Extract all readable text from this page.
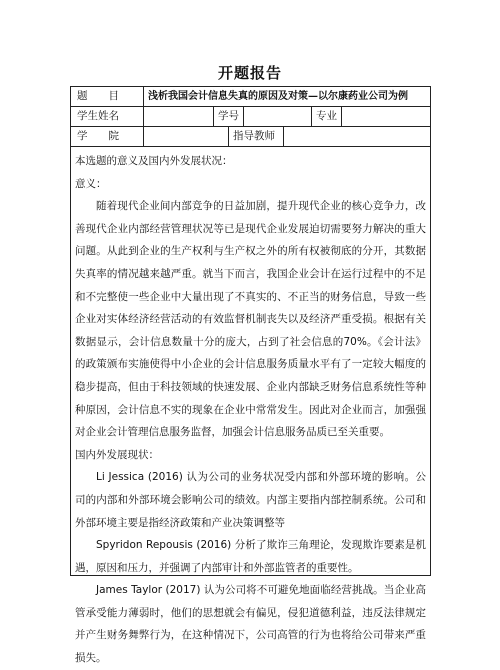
开题报告
题　　目	浅析我国会计信息失真的原因及对策—以尔康药业公司为例
学生姓名	学号	专业
学　　院	指导教师

本选题的意义及国内外发展状况：

意义：

随着现代企业间内部竞争的日益加剧，提升现代企业的核心竞争力，改善现代企业内部经营管理状况等已是现代企业发展迫切需要努力解决的重大问题。从此到企业的生产权利与生产权之外的所有权被彻底的分开，其数据失真率的情况越来越严重。就当下而言，我国企业会计在运行过程中的不足和不完整使一些企业中大量出现了不真实的、不正当的财务信息，导致一些企业对实体经济经营活动的有效监督机制丧失以及经济严重受损。根据有关数据显示，会计信息数量十分的庞大，占到了社会信息的70%。《会计法》的政策颁布实施使得中小企业的会计信息服务质量水平有了一定较大幅度的稳步提高，但由于科技领域的快速发展、企业内部缺乏财务信息系统性等种种原因，会计信息不实的现象在企业中常常发生。因此对企业而言，加强强对企业会计管理信息服务监督，加强会计信息服务品质已至关重要。

国内外发展现状：

Li Jessica (2016) 认为公司的业务状况受内部和外部环境的影响。公司的内部和外部环境会影响公司的绩效。内部主要指内部控制系统。公司和外部环境主要是指经济政策和产业决策调整等

Spyridon Repousis (2016) 分析了欺诈三角理论，发现欺诈要素是机遇，原因和压力，并强调了内部审计和外部监管者的重要性。

James Taylor (2017) 认为公司将不可避免地面临经营挑战。当企业高管承受能力薄弱时，他们的思想就会有偏见，侵犯道德利益，违反法律规定并产生财务舞弊行为，在这种情况下，公司高管的行为也将给公司带来严重损失。
